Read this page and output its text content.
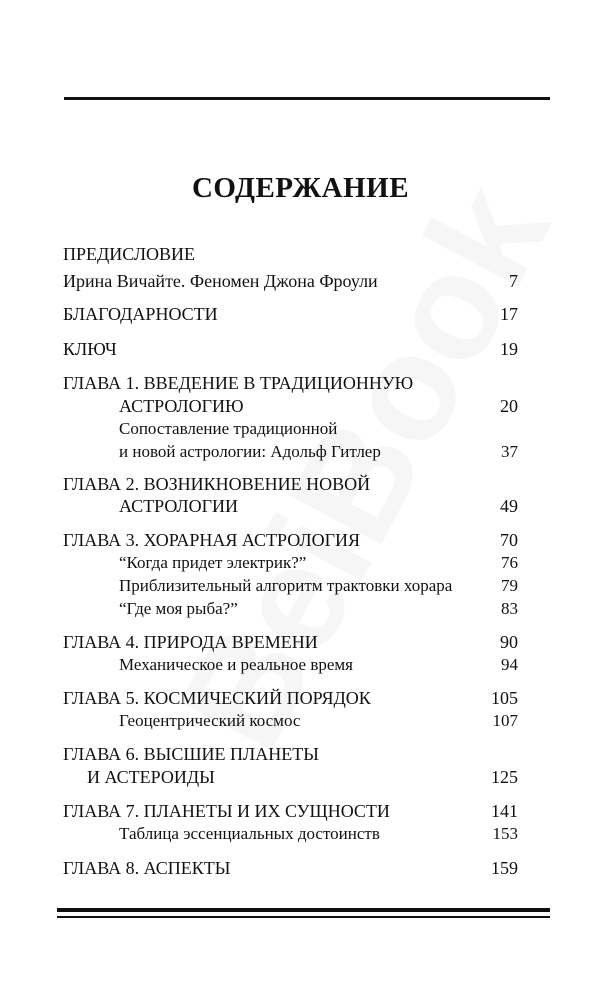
СОДЕРЖАНИЕ
ПРЕДИСЛОВИЕ
Ирина Вичайте. Феномен Джона Фроули	7
БЛАГОДАРНОСТИ	17
КЛЮЧ	19
ГЛАВА 1. ВВЕДЕНИЕ В ТРАДИЦИОННУЮ
АСТРОЛОГИЮ	20
Сопоставление традиционной
и новой астрологии: Адольф Гитлер	37
ГЛАВА 2. ВОЗНИКНОВЕНИЕ НОВОЙ
АСТРОЛОГИИ	49
ГЛАВА 3. ХОРАРНАЯ АСТРОЛОГИЯ	70
“Когда придет электрик?”	76
Приблизительный алгоритм трактовки хорара	79
“Где моя рыба?”	83
ГЛАВА 4. ПРИРОДА ВРЕМЕНИ	90
Механическое и реальное время	94
ГЛАВА 5. КОСМИЧЕСКИЙ ПОРЯДОК	105
Геоцентрический космос	107
ГЛАВА 6. ВЫСШИЕ ПЛАНЕТЫ
И АСТЕРОИДЫ	125
ГЛАВА 7. ПЛАНЕТЫ И ИХ СУЩНОСТИ	141
Таблица эссенциальных достоинств	153
ГЛАВА 8. АСПЕКТЫ	159
